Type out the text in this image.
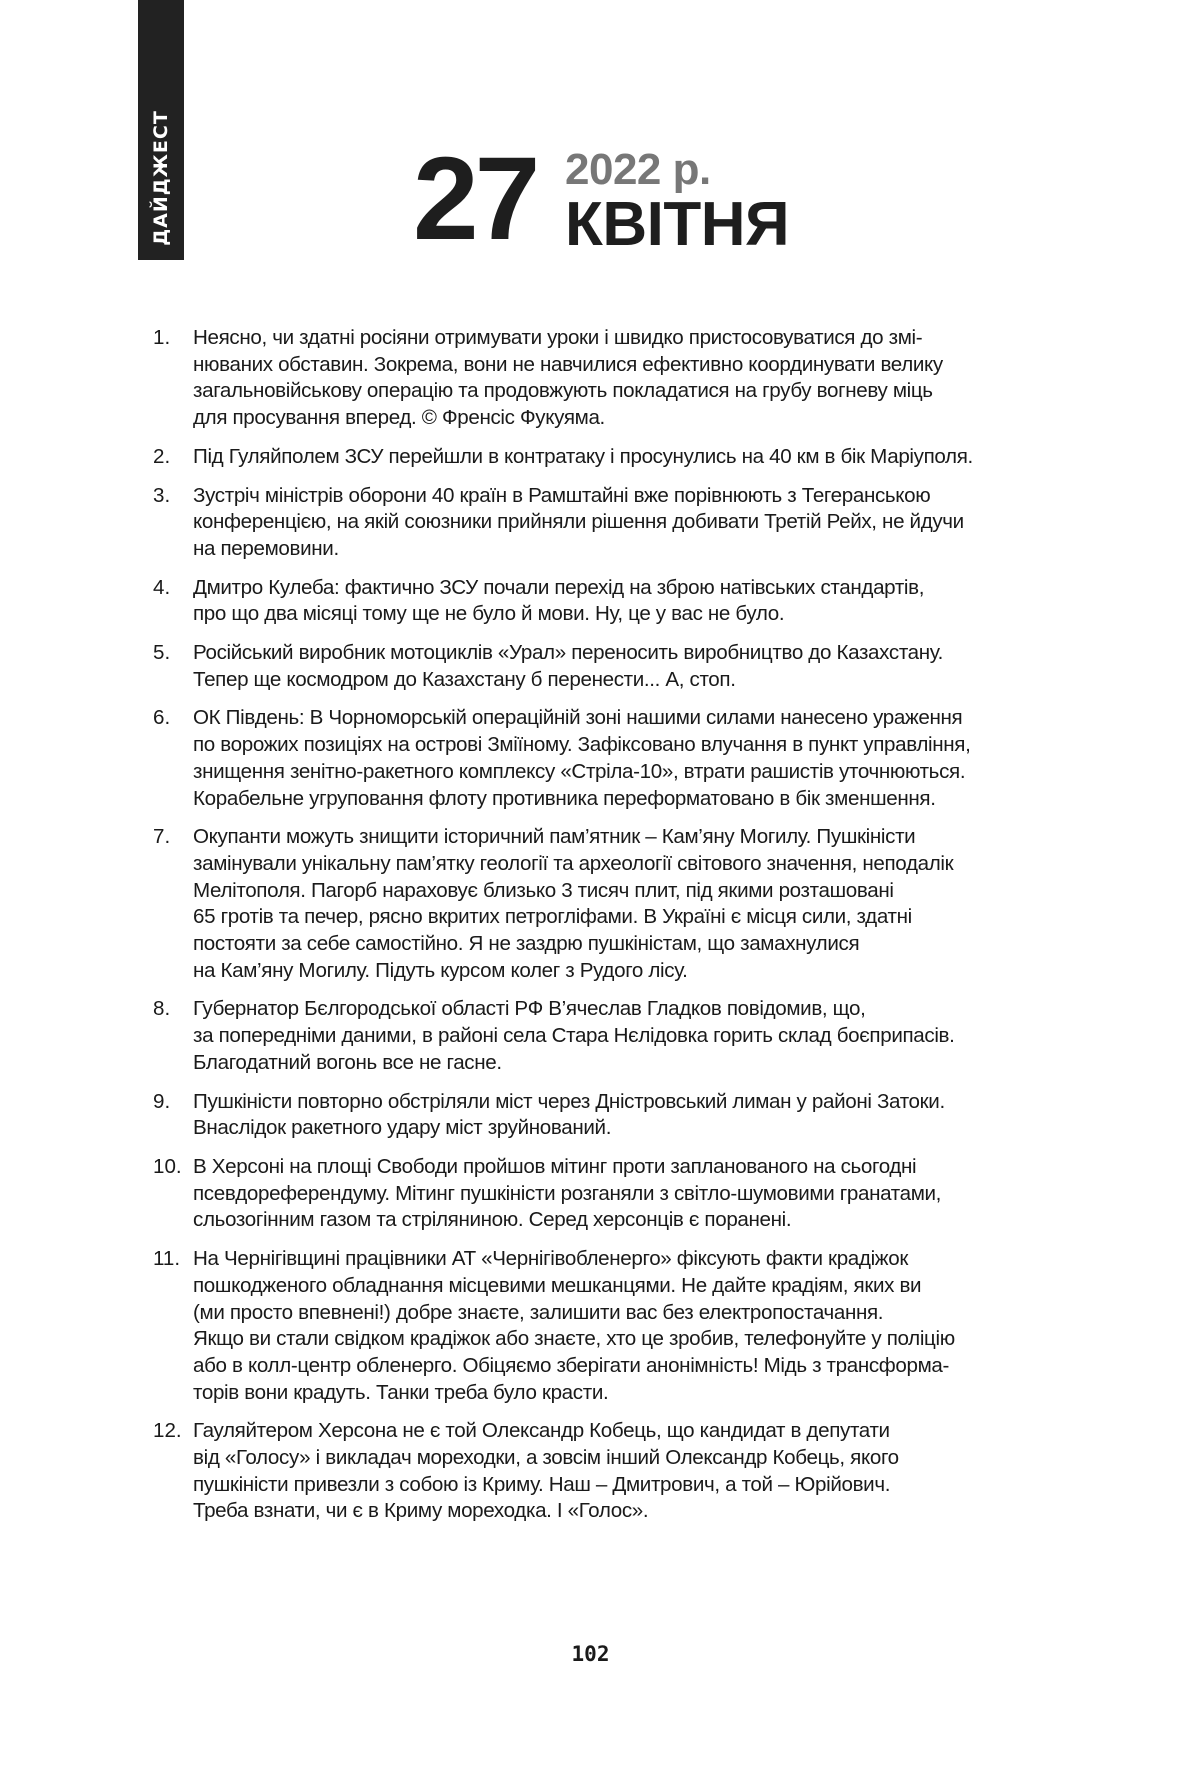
ДАЙДЖЕСТ 27 2022 р.
КВІТНЯ
1.	Неясно, чи здатні росіяни отримувати уроки і швидко пристосовуватися до змі-
нюваних обставин. Зокрема, вони не навчилися ефективно координувати велику
загальновійськову операцію та продовжують покладатися на грубу вогневу міць
для просування вперед. © Френсіс Фукуяма.
2.	Під Гуляйполем ЗСУ перейшли в контратаку і просунулись на 40 км в бік Маріуполя.
3.	Зустріч міністрів оборони 40 країн в Рамштайні вже порівнюють з Тегеранською
конференцією, на якій союзники прийняли рішення добивати Третій Рейх, не йдучи
на перемовини.
4.	Дмитро Кулеба: фактично ЗСУ почали перехід на зброю натівських стандартів,
про що два місяці тому ще не було й мови. Ну, це у вас не було.
5.	Російський виробник мотоциклів «Урал» переносить виробництво до Казахстану.
Тепер ще космодром до Казахстану б перенести... А, стоп.
6.	ОК Південь: В Чорноморській операційній зоні нашими силами нанесено ураження
по ворожих позиціях на острові Зміїному. Зафіксовано влучання в пункт управління,
знищення зенітно-ракетного комплексу «Стріла-10», втрати рашистів уточнюються.
Корабельне угруповання флоту противника переформатовано в бік зменшення.
7.	Окупанти можуть знищити історичний пам’ятник – Кам’яну Могилу. Пушкіністи
замінували унікальну пам’ятку геології та археології світового значення, неподалік
Мелітополя. Пагорб нараховує близько 3 тисяч плит, під якими розташовані
65 гротів та печер, рясно вкритих петрогліфами. В Україні є місця сили, здатні
постояти за себе самостійно. Я не заздрю пушкіністам, що замахнулися
на Кам’яну Могилу. Підуть курсом колег з Рудого лісу.
8.	Губернатор Бєлгородської області РФ В’ячеслав Гладков повідомив, що,
за попередніми даними, в районі села Стара Нєлідовка горить склад боєприпасів.
Благодатний вогонь все не гасне.
9.	Пушкіністи повторно обстріляли міст через Дністровський лиман у районі Затоки.
Внаслідок ракетного удару міст зруйнований.
10. В Херсоні на площі Свободи пройшов мітинг проти запланованого на сьогодні
псевдореферендуму. Мітинг пушкіністи розганяли з світло-шумовими гранатами,
сльозогінним газом та стріляниною. Серед херсонців є поранені.
11. На Чернігівщині працівники АТ «Чернігівобленерго» фіксують факти крадіжок
пошкодженого обладнання місцевими мешканцями. Не дайте крадіям, яких ви
(ми просто впевнені!) добре знаєте, залишити вас без електропостачання.
Якщо ви стали свідком крадіжок або знаєте, хто це зробив, телефонуйте у поліцію
або в колл-центр обленерго. Обіцяємо зберігати анонімність! Мідь з трансформа-
торів вони крадуть. Танки треба було красти.
12. Гауляйтером Херсона не є той Олександр Кобець, що кандидат в депутати
від «Голосу» і викладач мореходки, а зовсім інший Олександр Кобець, якого
пушкіністи привезли з собою із Криму. Наш – Дмитрович, а той – Юрійович.
Треба взнати, чи є в Криму мореходка. І «Голос».
102
